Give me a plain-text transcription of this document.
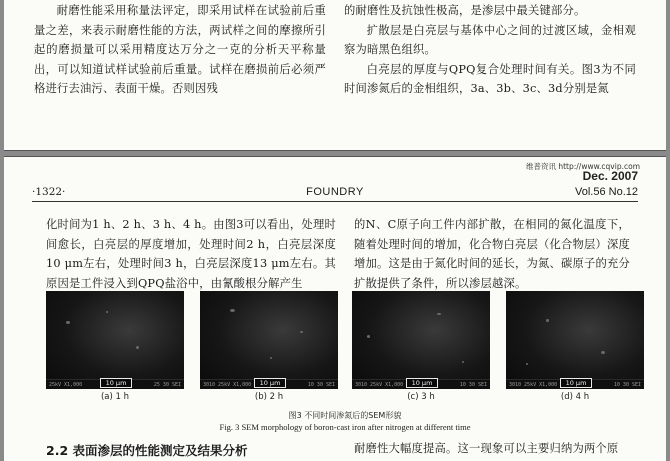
耐磨性能采用称量法评定，即采用试样在试验前后重量之差，来表示耐磨性能的方法，两试样之间的摩擦所引起的磨损量可以采用精度达万分之一克的分析天平称量出，可以知道试样试验前后重量。试样在磨损前后必须严格进行去油污、表面干燥。否则因残

的耐磨性及抗蚀性极高，是渗层中最关键部分。

扩散层是白亮层与基体中心之间的过渡区域，金相观察为暗黑色组织。

白亮层的厚度与QPQ复合处理时间有关。图3为不同时间渗氮后的金相组织，3a、3b、3c、3d分别是氮

维普资讯 http://www.cqvip.com
Dec. 2007
·1322·	FOUNDRY	Vol.56 No.12

化时间为1 h、2 h、3 h、4 h。由图3可以看出，处理时间愈长，白亮层的厚度增加，处理时间2 h，白亮层深度10 μm左右，处理时间3 h，白亮层深度13 μm左右。其原因是工件浸入到QPQ盐浴中，由氰酸根分解产生

的N、C原子向工件内部扩散，在相同的氮化温度下，随着处理时间的增加，化合物白亮层（化合物层）深度增加。这是由于氮化时间的延长，为氮、碳原子的充分扩散提供了条件，所以渗层越深。

25kV X1,000	25 30 SEI
10 μm
(a) 1 h
3010 25kV X1,000	10 30 SEI
10 μm
(b) 2 h
3010 25kV X1,000	10 30 SEI
10 μm
(c) 3 h
3010 25kV X1,000	10 30 SEI
10 μm
(d) 4 h
图3 不同时间渗氮后的SEM形貌
Fig. 3 SEM morphology of boron-cast iron after nitrogen at different time
2.2 表面渗层的性能测定及结果分析	耐磨性大幅度提高。这一现象可以主要归纳为两个原
